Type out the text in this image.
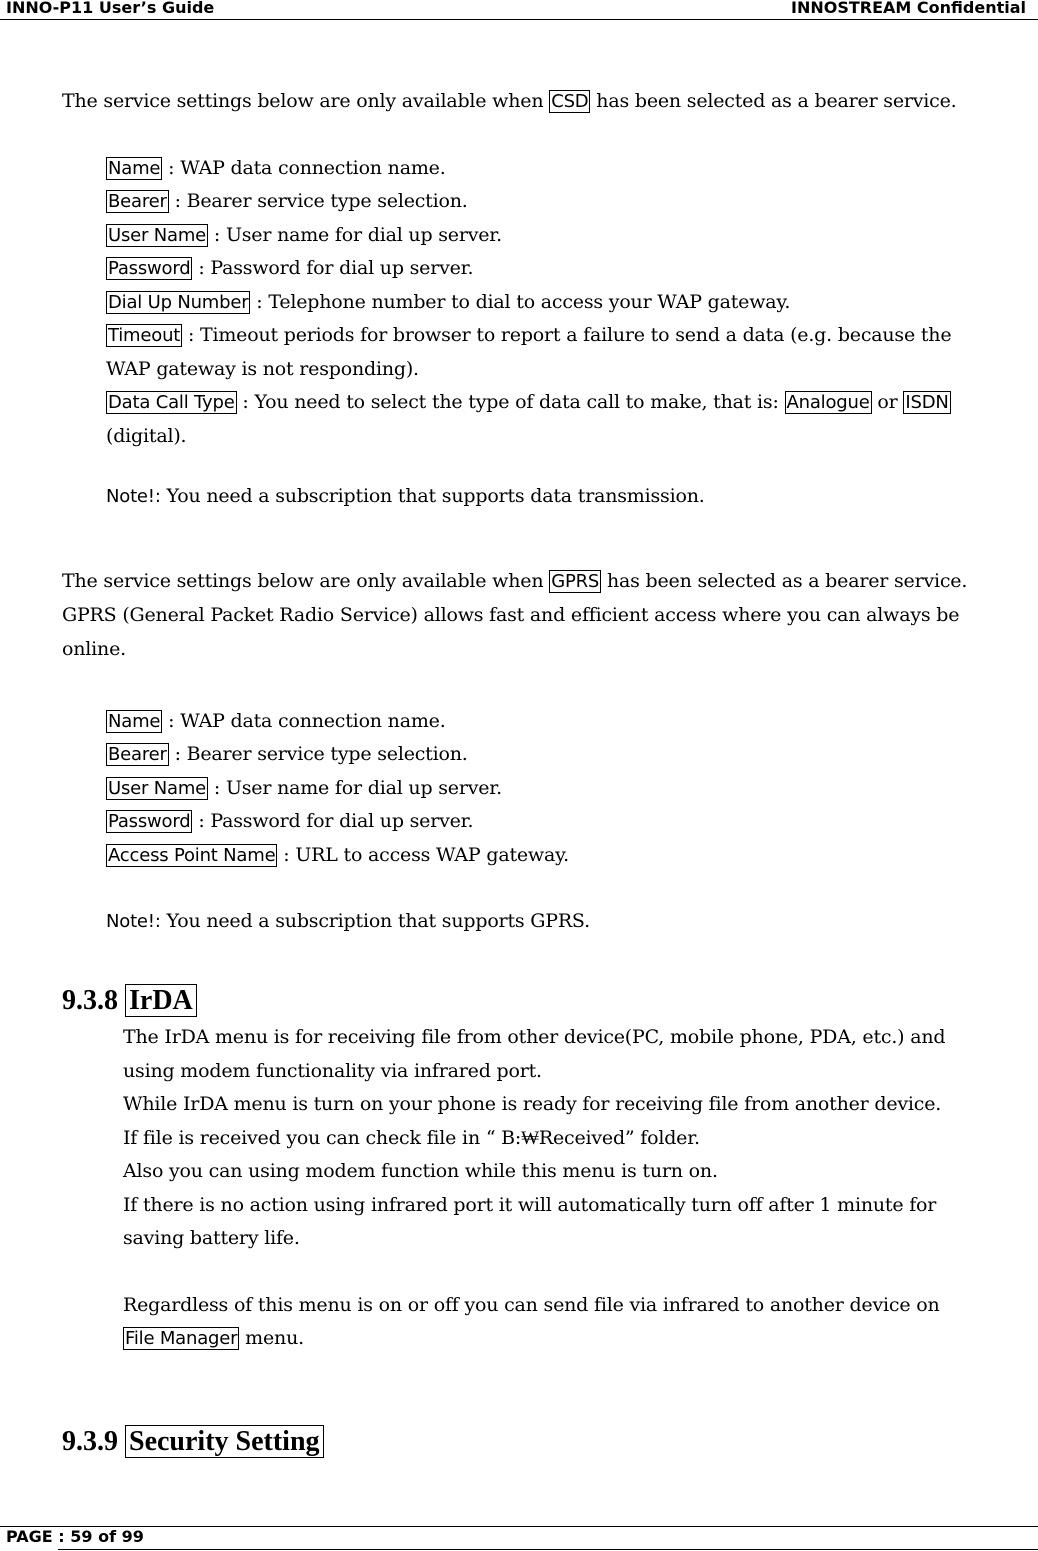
INNO-P11 User’s Guide	INNOSTREAM Confidential
The service settings below are only available when CSD has been selected as a bearer service.
Name : WAP data connection name.
Bearer : Bearer service type selection.
User Name : User name for dial up server.
Password : Password for dial up server.
Dial Up Number : Telephone number to dial to access your WAP gateway.
Timeout : Timeout periods for browser to report a failure to send a data (e.g. because the
WAP gateway is not responding).
Data Call Type : You need to select the type of data call to make, that is: Analogue or ISDN
(digital).
Note!: You need a subscription that supports data transmission.
The service settings below are only available when GPRS has been selected as a bearer service.
GPRS (General Packet Radio Service) allows fast and efficient access where you can always be
online.
Name : WAP data connection name.
Bearer : Bearer service type selection.
User Name : User name for dial up server.
Password : Password for dial up server.
Access Point Name : URL to access WAP gateway.
Note!: You need a subscription that supports GPRS.
9.3.8 IrDA
The IrDA menu is for receiving file from other device(PC, mobile phone, PDA, etc.) and
using modem functionality via infrared port.
While IrDA menu is turn on your phone is ready for receiving file from another device.
If file is received you can check file in “ B:₩Received” folder.
Also you can using modem function while this menu is turn on.
If there is no action using infrared port it will automatically turn off after 1 minute for
saving battery life.
Regardless of this menu is on or off you can send file via infrared to another device on
File Manager menu.
9.3.9 Security Setting
PAGE : 59 of 99
